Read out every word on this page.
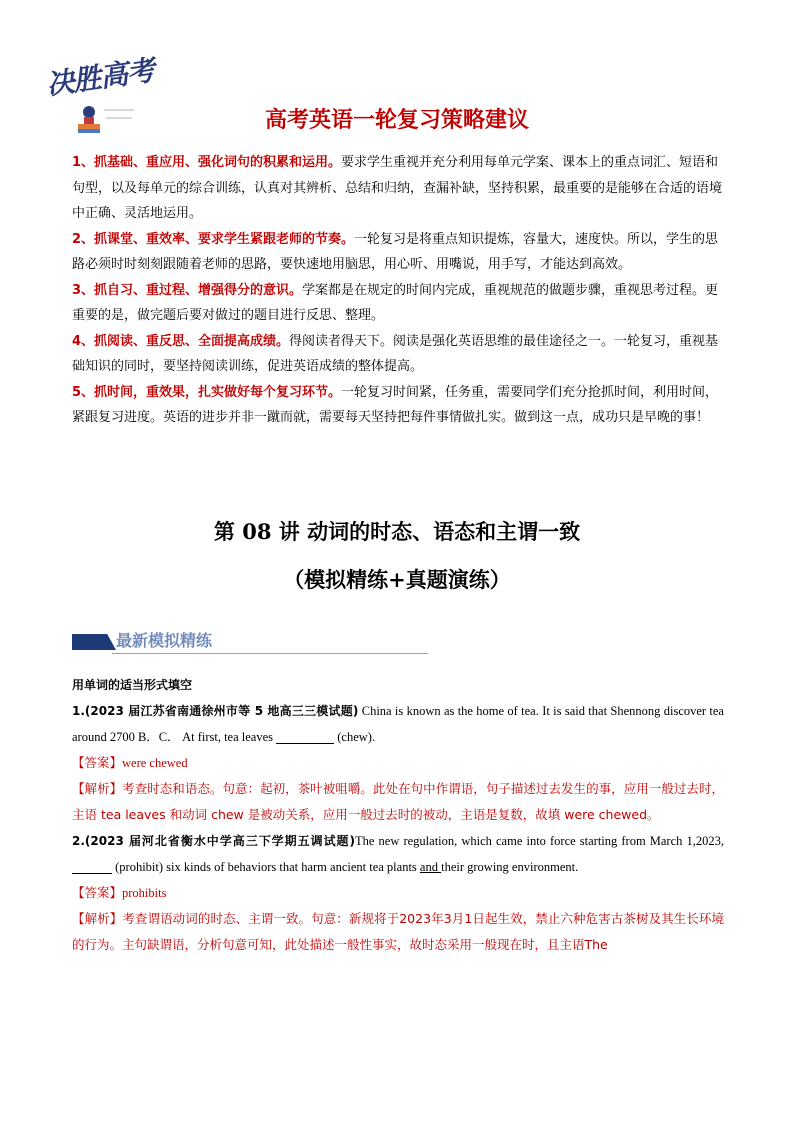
决胜高考
高考英语一轮复习策略建议

1、抓基础、重应用、强化词句的积累和运用。要求学生重视并充分利用每单元学案、课本上的重点词汇、短语和句型，以及每单元的综合训练，认真对其辨析、总结和归纳，查漏补缺，坚持积累，最重要的是能够在合适的语境中正确、灵活地运用。

2、抓课堂、重效率、要求学生紧跟老师的节奏。一轮复习是将重点知识提炼，容量大，速度快。所以，学生的思路必须时时刻刻跟随着老师的思路，要快速地用脑思，用心听、用嘴说，用手写，才能达到高效。

3、抓自习、重过程、增强得分的意识。学案都是在规定的时间内完成，重视规范的做题步骤，重视思考过程。更重要的是，做完题后要对做过的题目进行反思、整理。

4、抓阅读、重反思、全面提高成绩。得阅读者得天下。阅读是强化英语思维的最佳途径之一。一轮复习，重视基础知识的同时，要坚持阅读训练，促进英语成绩的整体提高。

5、抓时间，重效果，扎实做好每个复习环节。一轮复习时间紧，任务重，需要同学们充分抢抓时间，利用时间，紧跟复习进度。英语的进步并非一蹴而就，需要每天坚持把每件事情做扎实。做到这一点，成功只是早晚的事！

第 08 讲 动词的时态、语态和主谓一致
（模拟精练+真题演练）
最新模拟精练

用单词的适当形式填空

1.(2023 届江苏省南通徐州市等 5 地高三三模试题) China is known as the home of tea. It is said that Shennong discover tea around 2700 B．C． At first, tea leaves	(chew).

【答案】were chewed

【解析】考查时态和语态。句意：起初，茶叶被咀嚼。此处在句中作谓语，句子描述过去发生的事，应用一般过去时，主语 tea leaves 和动词 chew 是被动关系，应用一般过去时的被动，主语是复数，故填 were chewed。

2.(2023 届河北省衡水中学高三下学期五调试题)The new regulation, which came into force starting from March 1,2023, (prohibit) six kinds of behaviors that harm ancient tea plants and their growing environment.

【答案】prohibits

【解析】考查谓语动词的时态、主谓一致。句意：新规将于2023年3月1日起生效，禁止六种危害古茶树及其生长环境的行为。主句缺谓语，分析句意可知，此处描述一般性事实，故时态采用一般现在时，且主语The
